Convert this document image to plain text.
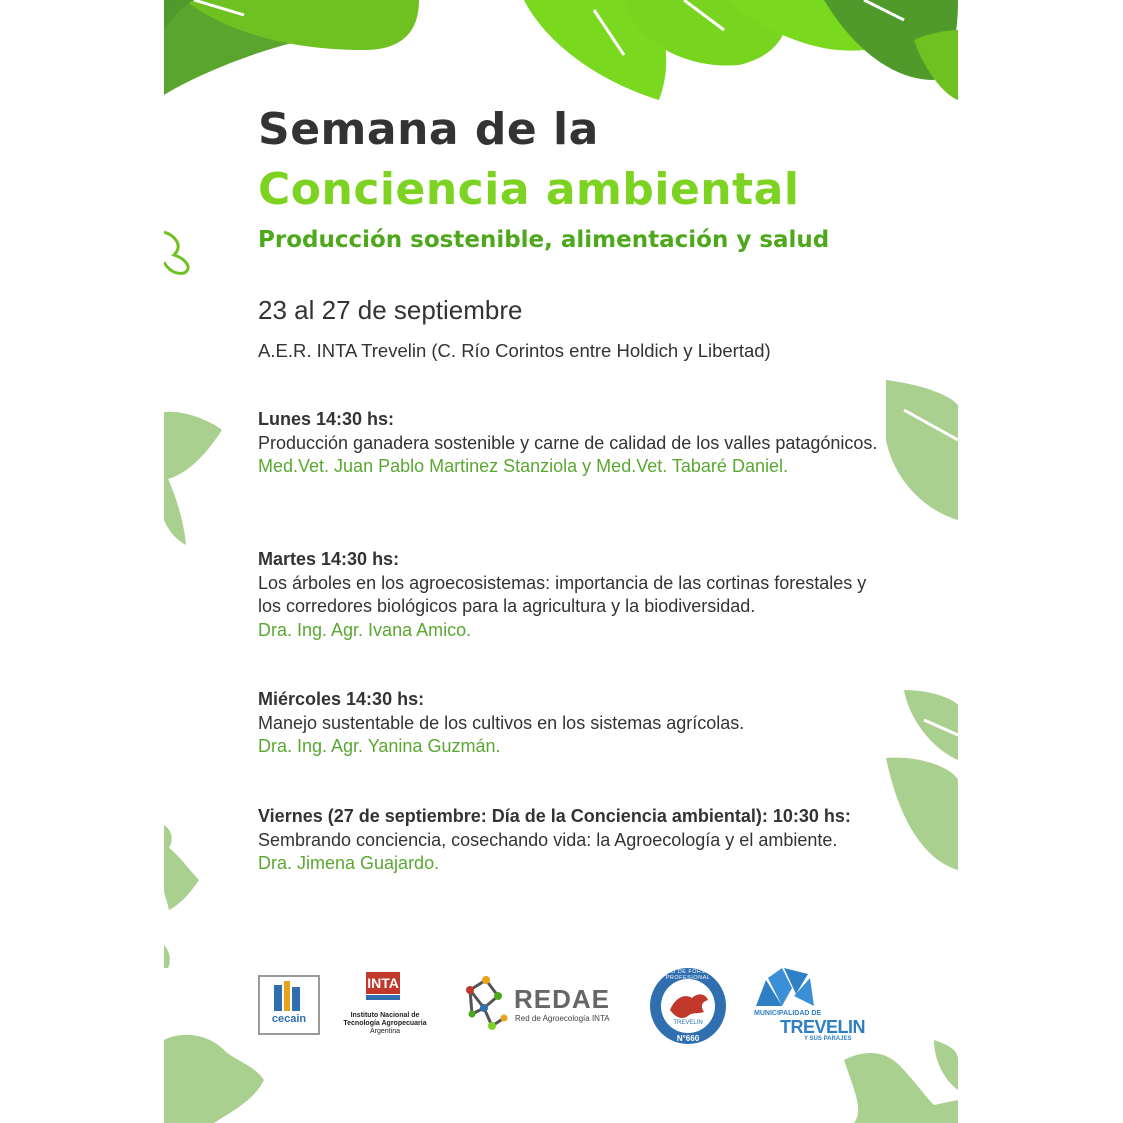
Semana de la
Conciencia ambiental
Producción sostenible, alimentación y salud
23 al 27 de septiembre
A.E.R. INTA Trevelin (C. Río Corintos entre Holdich y Libertad)
Lunes 14:30 hs:
Producción ganadera sostenible y carne de calidad de los valles patagónicos.
Med.Vet. Juan Pablo Martinez Stanziola y Med.Vet. Tabaré Daniel.
Martes 14:30 hs:
Los árboles en los agroecosistemas: importancia de las cortinas forestales y los corredores biológicos para la agricultura y la biodiversidad.
Dra. Ing. Agr. Ivana Amico.
Miércoles 14:30 hs:
Manejo sustentable de los cultivos en los sistemas agrícolas.
Dra. Ing. Agr. Yanina Guzmán.
Viernes (27 de septiembre: Día de la Conciencia ambiental): 10:30 hs:
Sembrando conciencia, cosechando vida: la Agroecología y el ambiente.
Dra. Jimena Guajardo.
cecain
INTA
Instituto Nacional de
Tecnología Agropecuaria
Argentina
REDAE
Red de Agroecología INTA
CENTRO DE FORMACION PROFESIONAL
TREVELIN
N°660
MUNICIPALIDAD DE
TREVELIN
Y SUS PARAJES
